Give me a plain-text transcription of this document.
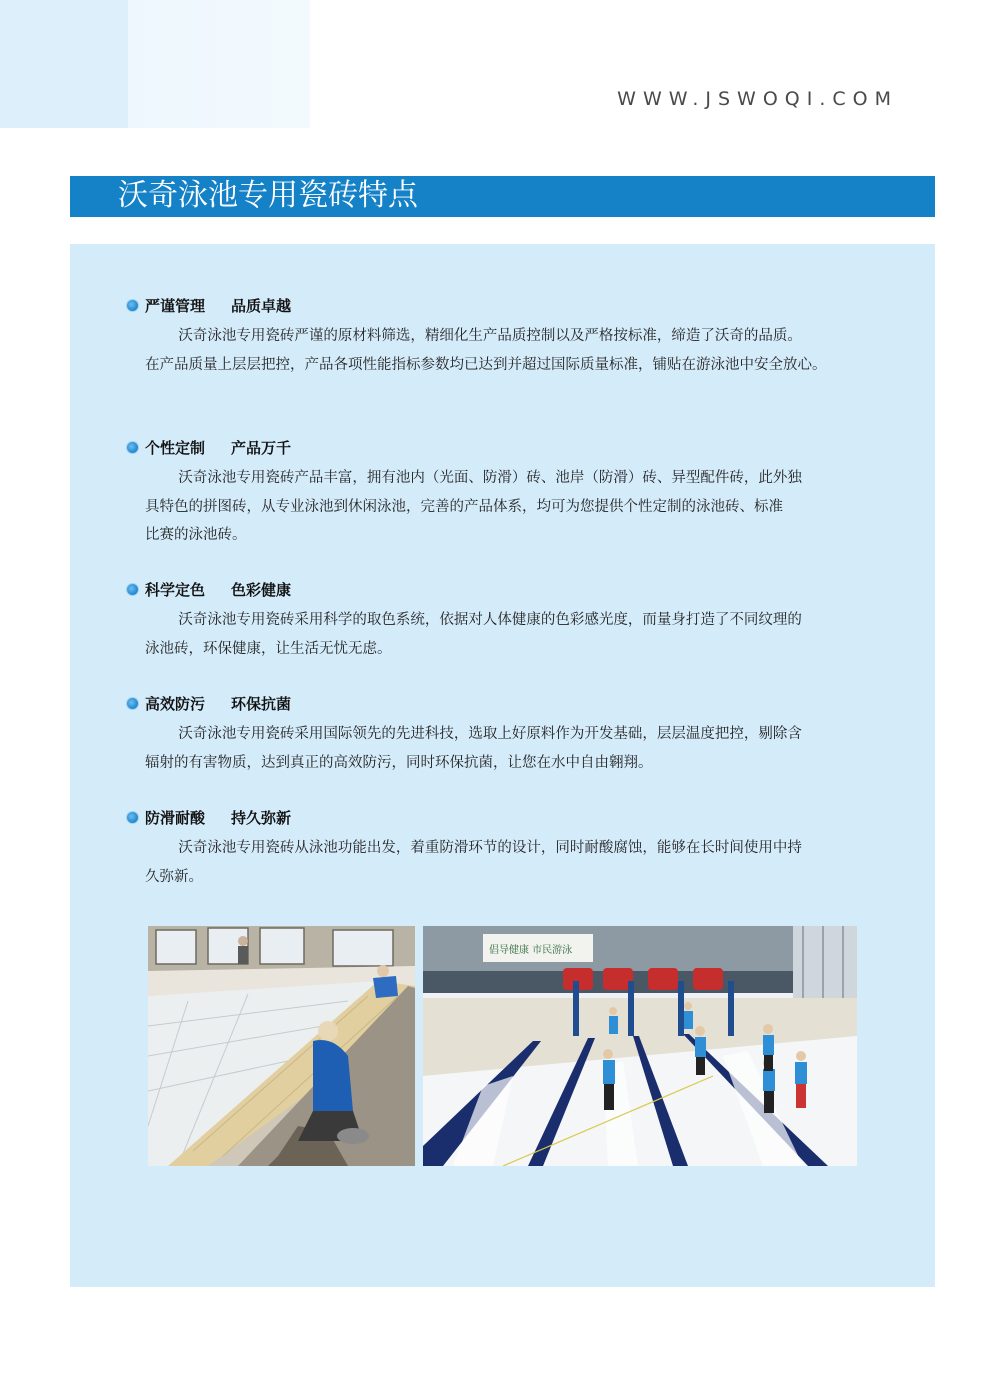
WWW.JSWOQI.COM
沃奇泳池专用瓷砖特点
严谨管理 品质卓越
沃奇泳池专用瓷砖严谨的原材料筛选，精细化生产品质控制以及严格按标准，缔造了沃奇的品质。
在产品质量上层层把控，产品各项性能指标参数均已达到并超过国际质量标准，铺贴在游泳池中安全放心。
个性定制 产品万千
沃奇泳池专用瓷砖产品丰富，拥有池内（光面、防滑）砖、池岸（防滑）砖、异型配件砖，此外独
具特色的拼图砖，从专业泳池到休闲泳池，完善的产品体系，均可为您提供个性定制的泳池砖、标准
比赛的泳池砖。
科学定色 色彩健康
沃奇泳池专用瓷砖采用科学的取色系统，依据对人体健康的色彩感光度，而量身打造了不同纹理的
泳池砖，环保健康，让生活无忧无虑。
高效防污 环保抗菌
沃奇泳池专用瓷砖采用国际领先的先进科技，选取上好原料作为开发基础，层层温度把控，剔除含
辐射的有害物质，达到真正的高效防污，同时环保抗菌，让您在水中自由翱翔。
防滑耐酸 持久弥新
沃奇泳池专用瓷砖从泳池功能出发，着重防滑环节的设计，同时耐酸腐蚀，能够在长时间使用中持
久弥新。
倡导健康 市民游泳
